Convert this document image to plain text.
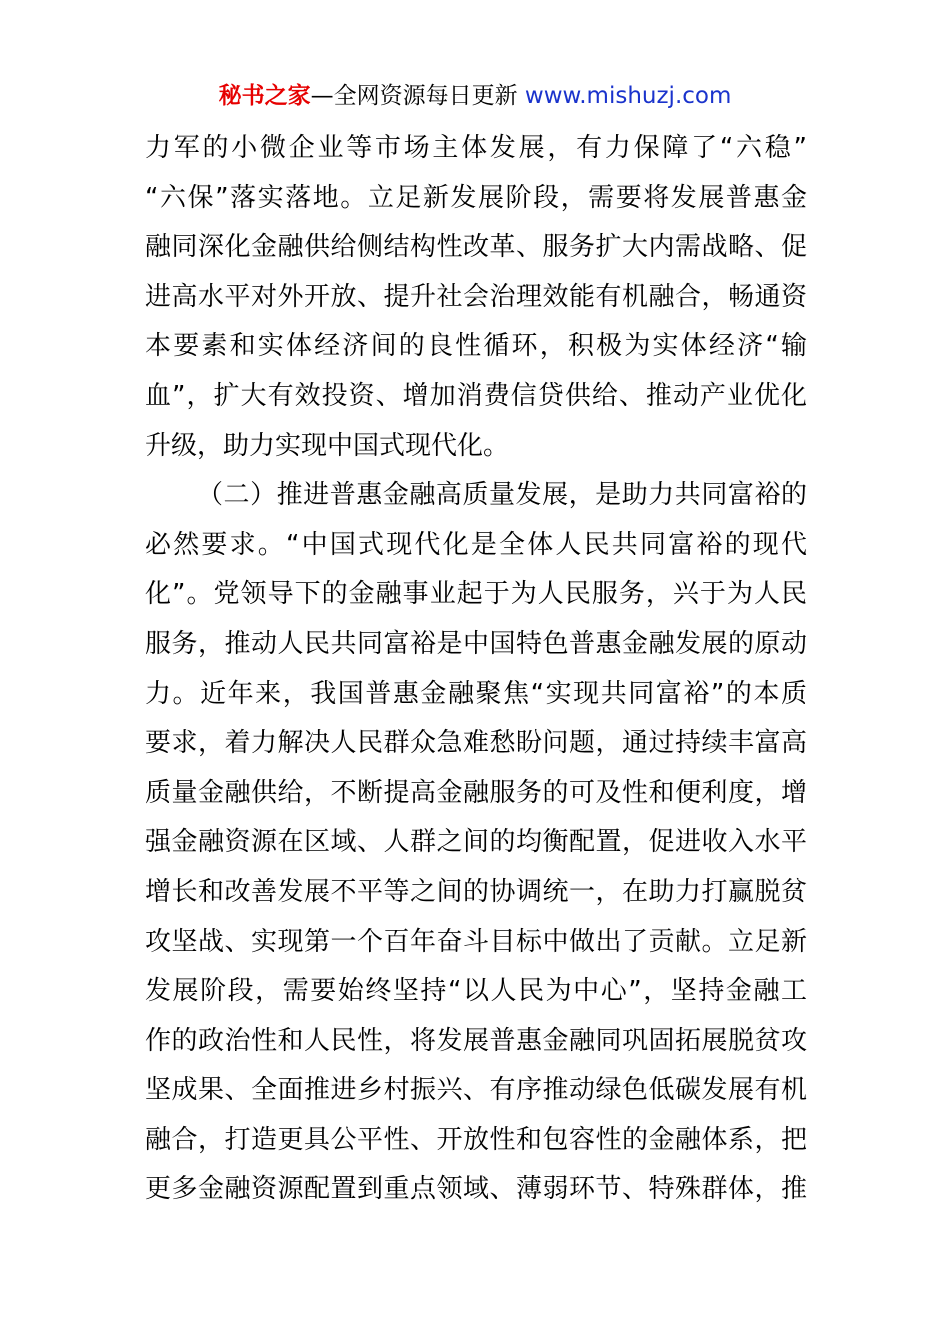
秘书之家—全网资源每日更新 www.mishuzj.com
力军的小微企业等市场主体发展，有力保障了“六稳”
“六保”落实落地。立足新发展阶段，需要将发展普惠金
融同深化金融供给侧结构性改革、服务扩大内需战略、促
进高水平对外开放、提升社会治理效能有机融合，畅通资
本要素和实体经济间的良性循环，积极为实体经济“输
血”，扩大有效投资、增加消费信贷供给、推动产业优化
升级，助力实现中国式现代化。
（二）推进普惠金融高质量发展，是助力共同富裕的
必然要求。“中国式现代化是全体人民共同富裕的现代
化”。党领导下的金融事业起于为人民服务，兴于为人民
服务，推动人民共同富裕是中国特色普惠金融发展的原动
力。近年来，我国普惠金融聚焦“实现共同富裕”的本质
要求，着力解决人民群众急难愁盼问题，通过持续丰富高
质量金融供给，不断提高金融服务的可及性和便利度，增
强金融资源在区域、人群之间的均衡配置，促进收入水平
增长和改善发展不平等之间的协调统一，在助力打赢脱贫
攻坚战、实现第一个百年奋斗目标中做出了贡献。立足新
发展阶段，需要始终坚持“以人民为中心”，坚持金融工
作的政治性和人民性，将发展普惠金融同巩固拓展脱贫攻
坚成果、全面推进乡村振兴、有序推动绿色低碳发展有机
融合，打造更具公平性、开放性和包容性的金融体系，把
更多金融资源配置到重点领域、薄弱环节、特殊群体，推
